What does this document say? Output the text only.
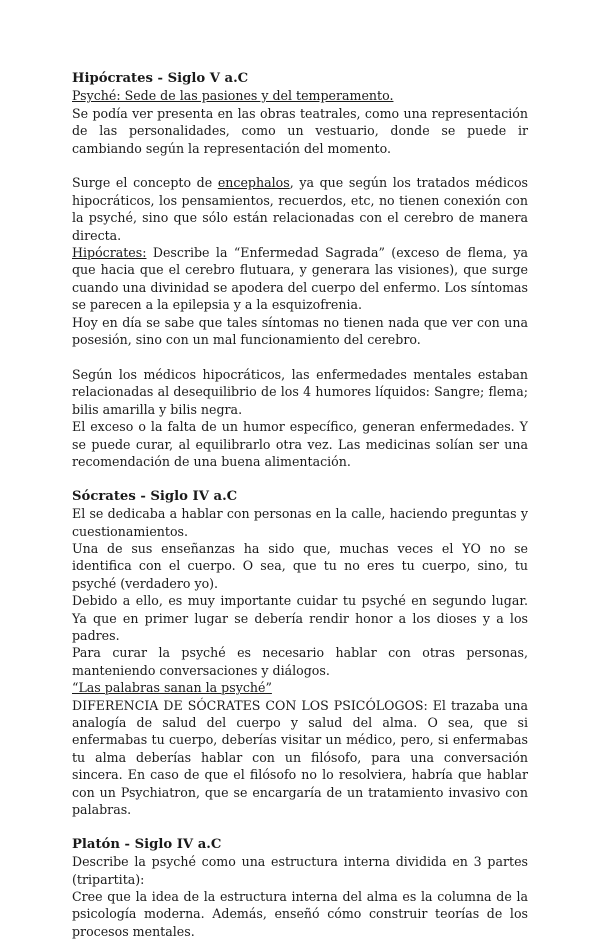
Hipócrates - Siglo V a.C

Psyché: Sede de las pasiones y del temperamento.

Se podía ver presenta en las obras teatrales, como una representación de las personalidades, como un vestuario, donde se puede ir cambiando según la representación del momento.

Surge el concepto de encephalos, ya que según los tratados médicos hipocráticos, los pensamientos, recuerdos, etc, no tienen conexión con la psyché, sino que sólo están relacionadas con el cerebro de manera directa.

Hipócrates: Describe la “Enfermedad Sagrada” (exceso de flema, ya que hacia que el cerebro flutuara, y generara las visiones), que surge cuando una divinidad se apodera del cuerpo del enfermo. Los síntomas se parecen a la epilepsia y a la esquizofrenia.

Hoy en día se sabe que tales síntomas no tienen nada que ver con una posesión, sino con un mal funcionamiento del cerebro.

Según los médicos hipocráticos, las enfermedades mentales estaban relacionadas al desequilibrio de los 4 humores líquidos: Sangre; flema; bilis amarilla y bilis negra.

El exceso o la falta de un humor específico, generan enfermedades. Y se puede curar, al equilibrarlo otra vez. Las medicinas solían ser una recomendación de una buena alimentación.

Sócrates - Siglo IV a.C

El se dedicaba a hablar con personas en la calle, haciendo preguntas y cuestionamientos.

Una de sus enseñanzas ha sido que, muchas veces el YO no se identifica con el cuerpo. O sea, que tu no eres tu cuerpo, sino, tu psyché (verdadero yo).

Debido a ello, es muy importante cuidar tu psyché en segundo lugar. Ya que en primer lugar se debería rendir honor a los dioses y a los padres.

Para curar la psyché es necesario hablar con otras personas, manteniendo conversaciones y diálogos.

“Las palabras sanan la psyché”

DIFERENCIA DE SÓCRATES CON LOS PSICÓLOGOS: El trazaba una analogía de salud del cuerpo y salud del alma. O sea, que si enfermabas tu cuerpo, deberías visitar un médico, pero, si enfermabas tu alma deberías hablar con un filósofo, para una conversación sincera. En caso de que el filósofo no lo resolviera, habría que hablar con un Psychiatron, que se encargaría de un tratamiento invasivo con palabras.

Platón - Siglo IV a.C

Describe la psyché como una estructura interna dividida en 3 partes (tripartita):

Cree que la idea de la estructura interna del alma es la columna de la psicología moderna. Además, enseñó cómo construir teorías de los procesos mentales.
